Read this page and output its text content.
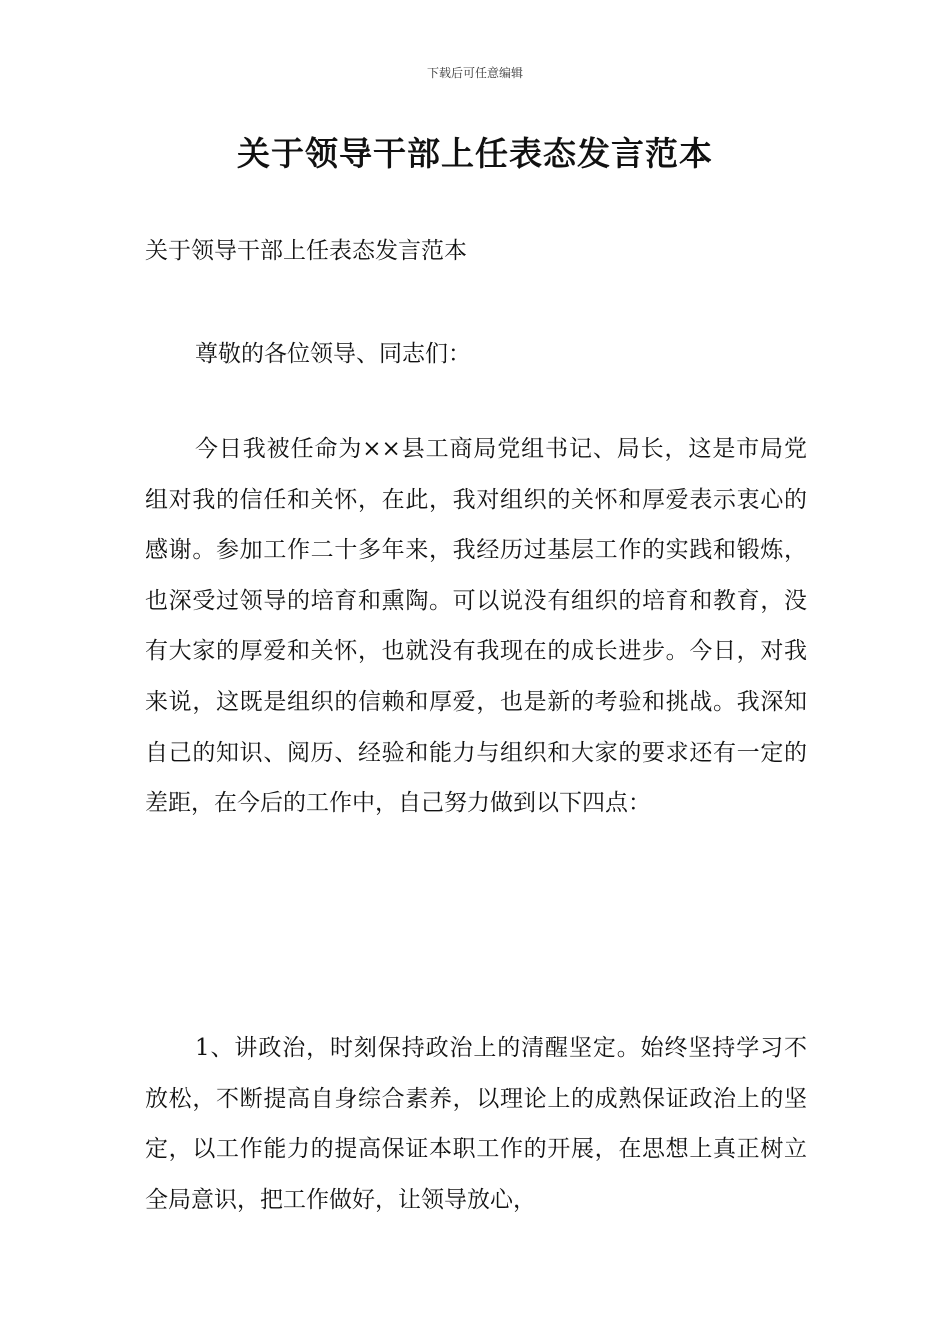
下载后可任意编辑
关于领导干部上任表态发言范本
关于领导干部上任表态发言范本
尊敬的各位领导、同志们：

今日我被任命为××县工商局党组书记、局长，这是市局党组对我的信任和关怀，在此，我对组织的关怀和厚爱表示衷心的感谢。参加工作二十多年来，我经历过基层工作的实践和锻炼，也深受过领导的培育和熏陶。可以说没有组织的培育和教育，没有大家的厚爱和关怀，也就没有我现在的成长进步。今日，对我来说，这既是组织的信赖和厚爱，也是新的考验和挑战。我深知自己的知识、阅历、经验和能力与组织和大家的要求还有一定的差距，在今后的工作中，自己努力做到以下四点：

1、讲政治，时刻保持政治上的清醒坚定。始终坚持学习不放松，不断提高自身综合素养，以理论上的成熟保证政治上的坚定，以工作能力的提高保证本职工作的开展，在思想上真正树立全局意识，把工作做好，让领导放心，
